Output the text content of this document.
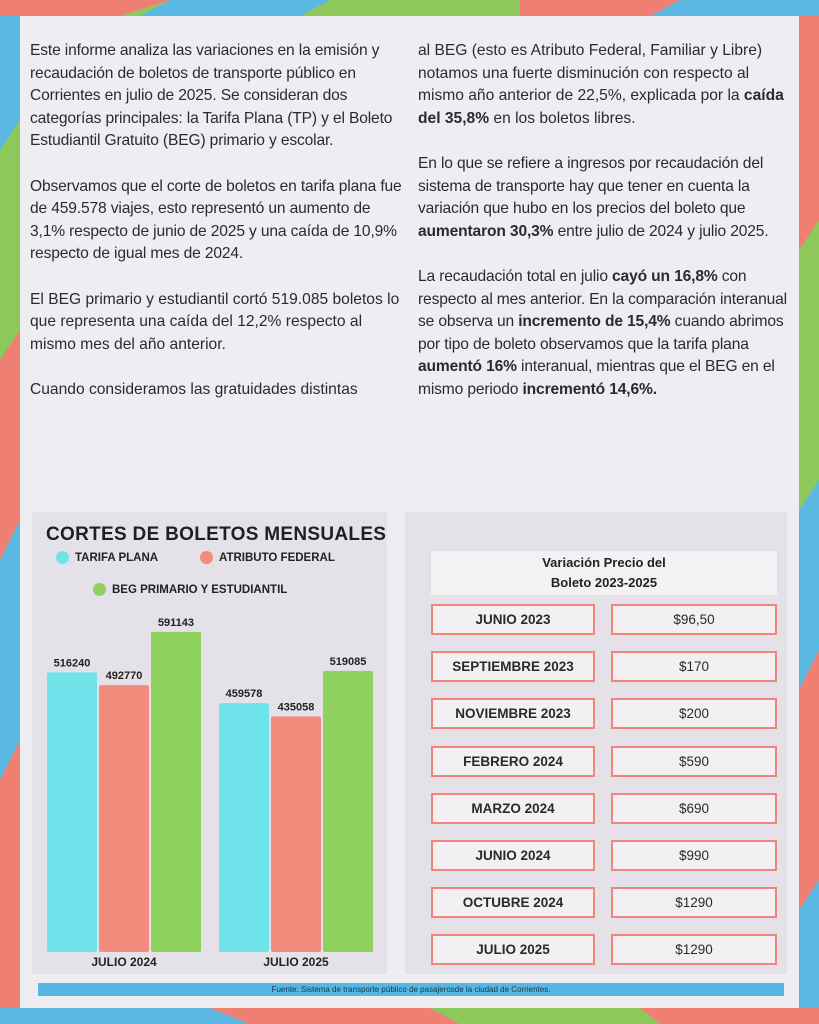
Este informe analiza las variaciones en la emisión y recaudación de boletos de transporte público en Corrientes en julio de 2025. Se consideran dos categorías principales: la Tarifa Plana (TP) y el Boleto Estudiantil Gratuito (BEG) primario y escolar.

Observamos que el corte de boletos en tarifa plana fue de 459.578 viajes, esto representó un aumento de 3,1% respecto de junio de 2025 y una caída de 10,9% respecto de igual mes de 2024.

El BEG primario y estudiantil cortó 519.085 boletos lo que representa una caída del 12,2% respecto al mismo mes del año anterior.

Cuando consideramos las gratuidades distintas

al BEG (esto es Atributo Federal, Familiar y Libre) notamos una fuerte disminución con respecto al mismo año anterior de 22,5%, explicada por la caída del 35,8% en los boletos libres.

En lo que se refiere a ingresos por recaudación del sistema de transporte hay que tener en cuenta la variación que hubo en los precios del boleto que aumentaron 30,3% entre julio de 2024 y julio 2025.

La recaudación total en julio cayó un 16,8% con respecto al mes anterior. En la comparación interanual se observa un incremento de 15,4% cuando abrimos por tipo de boleto observamos que la tarifa plana aumentó 16% interanual, mientras que el BEG en el mismo periodo incrementó 14,6%.

CORTES DE BOLETOS MENSUALES
TARIFA PLANA	ATRIBUTO FEDERAL
BEG PRIMARIO Y ESTUDIANTIL
516240
492770
591143
JULIO 2024
459578
435058
519085
JULIO 2025
Variación Precio del
Boleto 2023-2025
JUNIO 2023	$96,50
SEPTIEMBRE 2023	$170
NOVIEMBRE 2023	$200
FEBRERO 2024	$590
MARZO 2024	$690
JUNIO 2024	$990
OCTUBRE 2024	$1290
JULIO 2025	$1290
Fuente: Sistema de transporte público de pasajerosde la ciudad de Corrientes.
